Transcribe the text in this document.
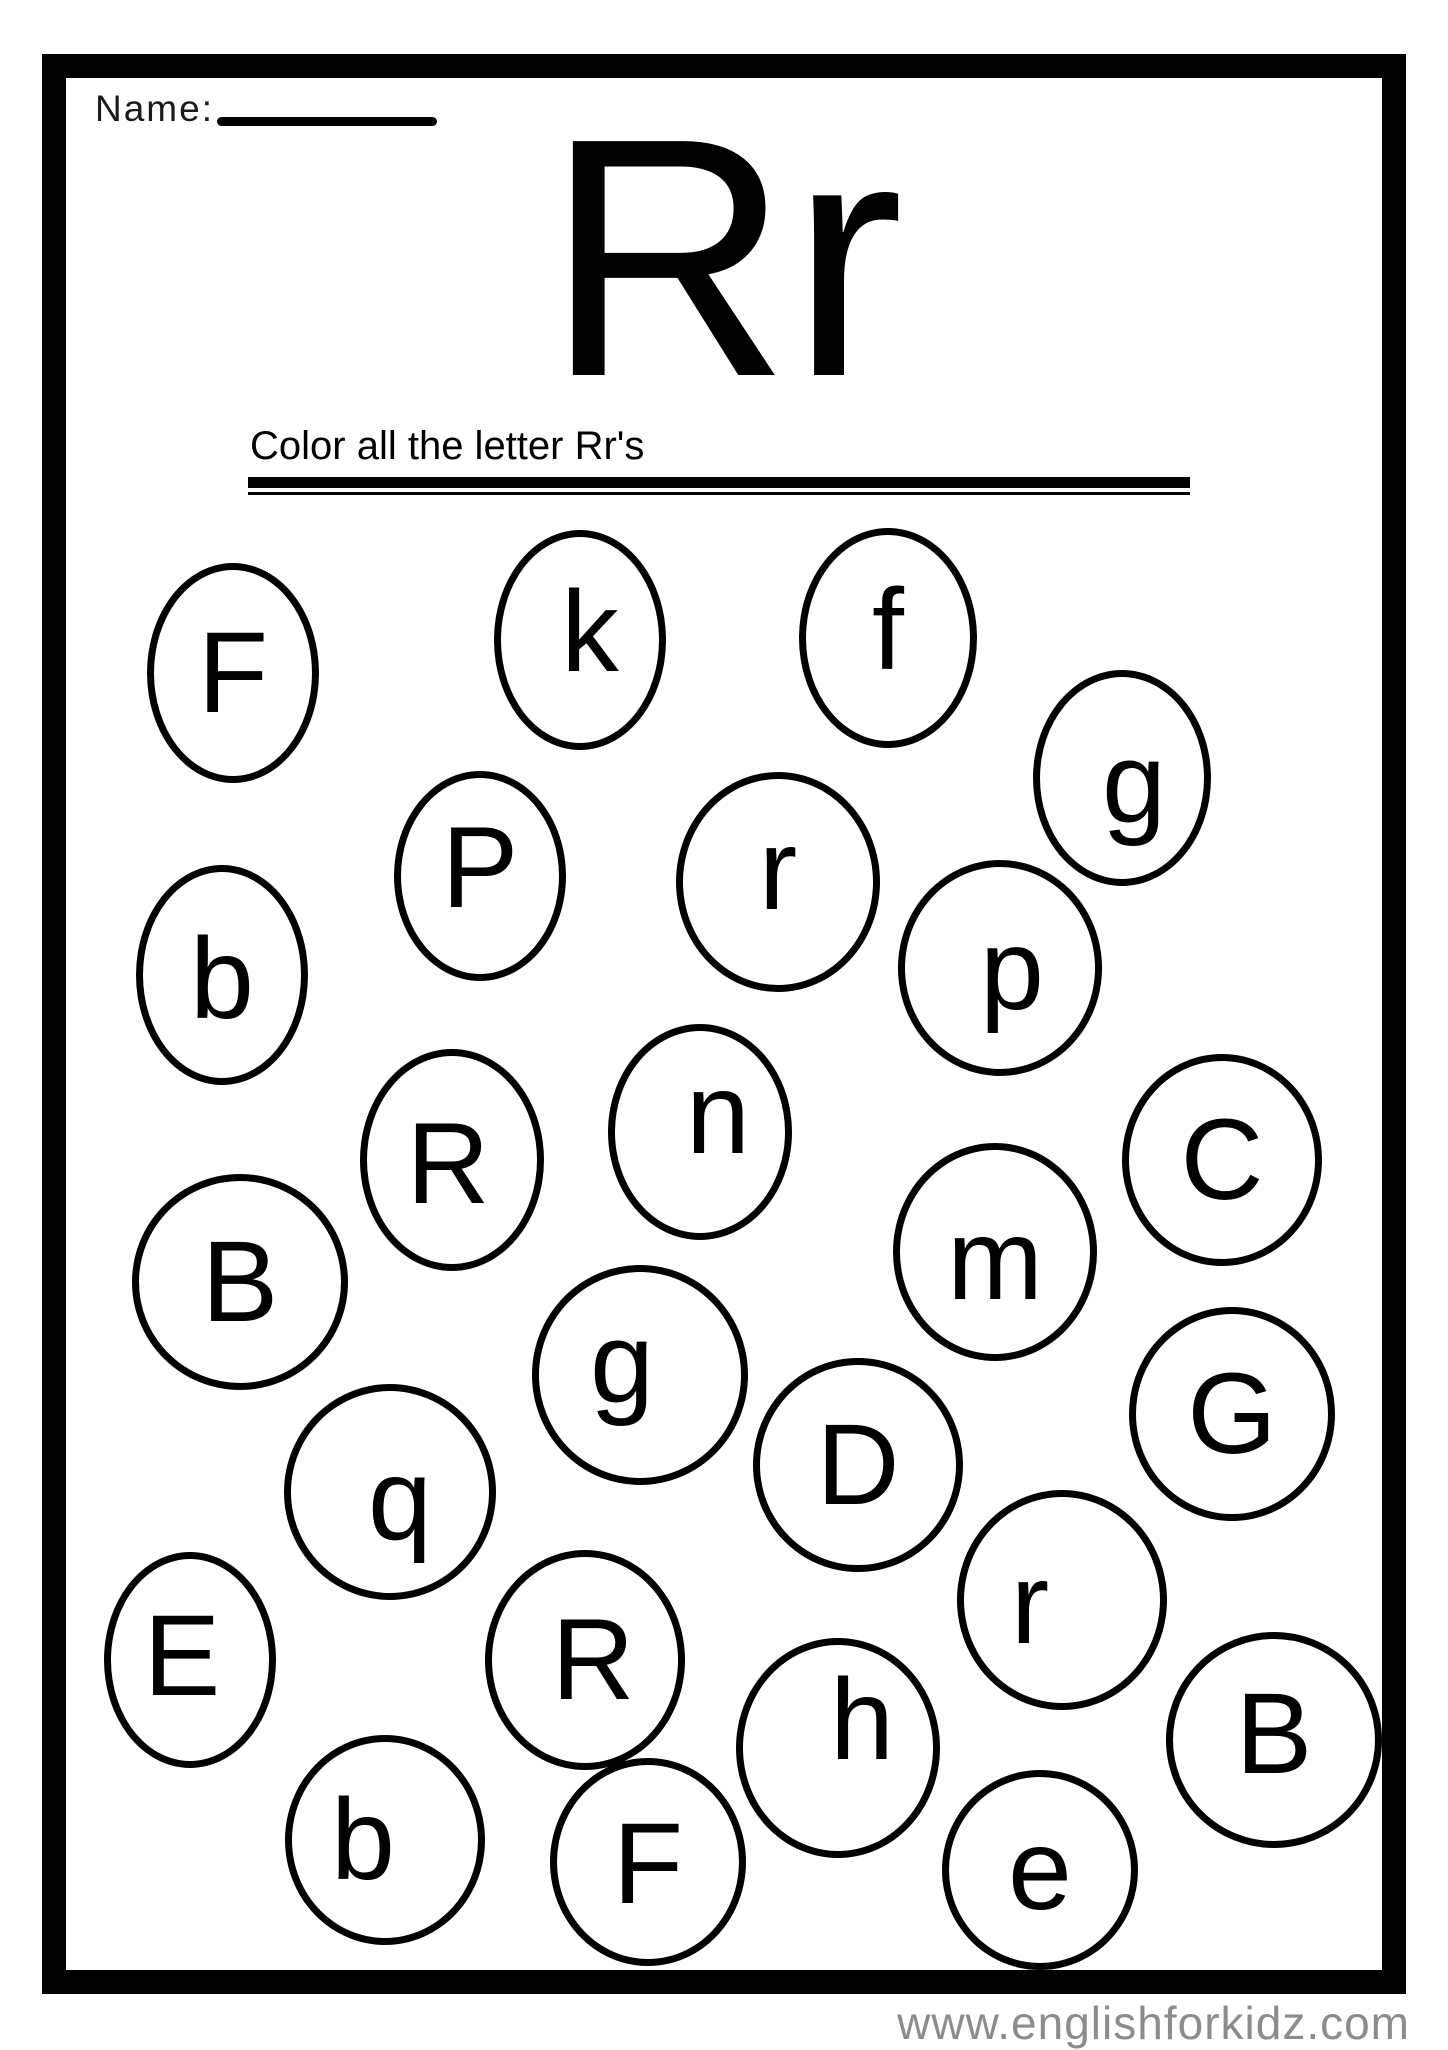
Name: Rr
Color all the letter Rr's
F	k f
g
P r
b	p
R n	C
B	m
g	G
q	D
r
E	R h	B
b F	e
www.englishforkidz.com
